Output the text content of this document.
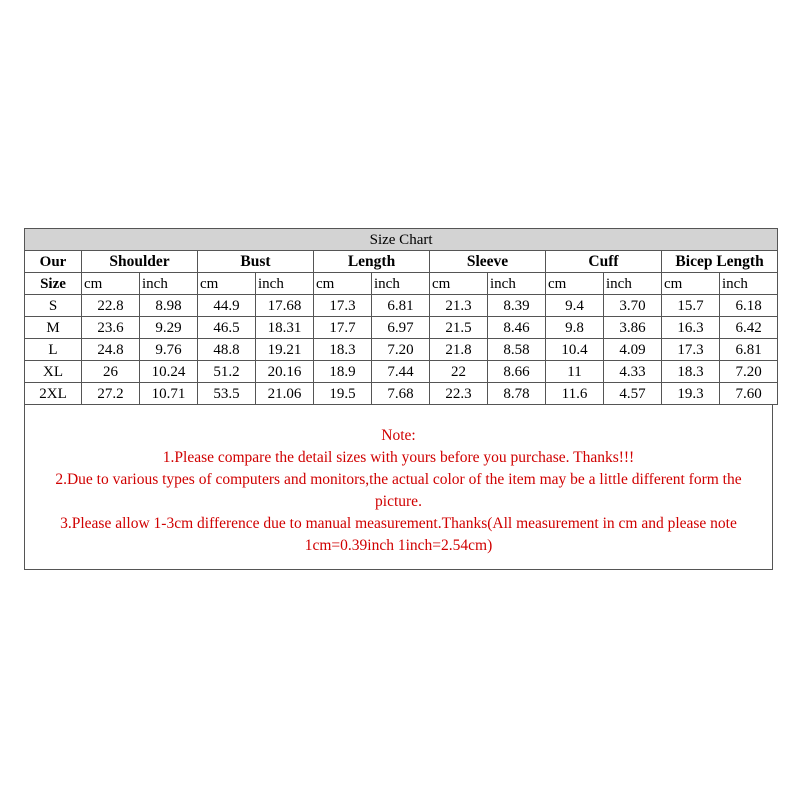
Size Chart												
Our	Shoulder		Bust		Length		Sleeve		Cuff		Bicep Length	
Size	cm	inch	cm	inch	cm	inch	cm	inch	cm	inch	cm	inch
S	22.8	8.98	44.9	17.68	17.3	6.81	21.3	8.39	9.4	3.70	15.7	6.18
M	23.6	9.29	46.5	18.31	17.7	6.97	21.5	8.46	9.8	3.86	16.3	6.42
L	24.8	9.76	48.8	19.21	18.3	7.20	21.8	8.58	10.4	4.09	17.3	6.81
XL	26	10.24	51.2	20.16	18.9	7.44	22	8.66	11	4.33	18.3	7.20
2XL	27.2	10.71	53.5	21.06	19.5	7.68	22.3	8.78	11.6	4.57	19.3	7.60
Note:
1.Please compare the detail sizes with yours before you purchase. Thanks!!!
2.Due to various types of computers and monitors,the actual color of the item may be a little different form the
picture.
3.Please allow 1-3cm difference due to manual measurement.Thanks(All measurement in cm and please note
1cm=0.39inch 1inch=2.54cm)
